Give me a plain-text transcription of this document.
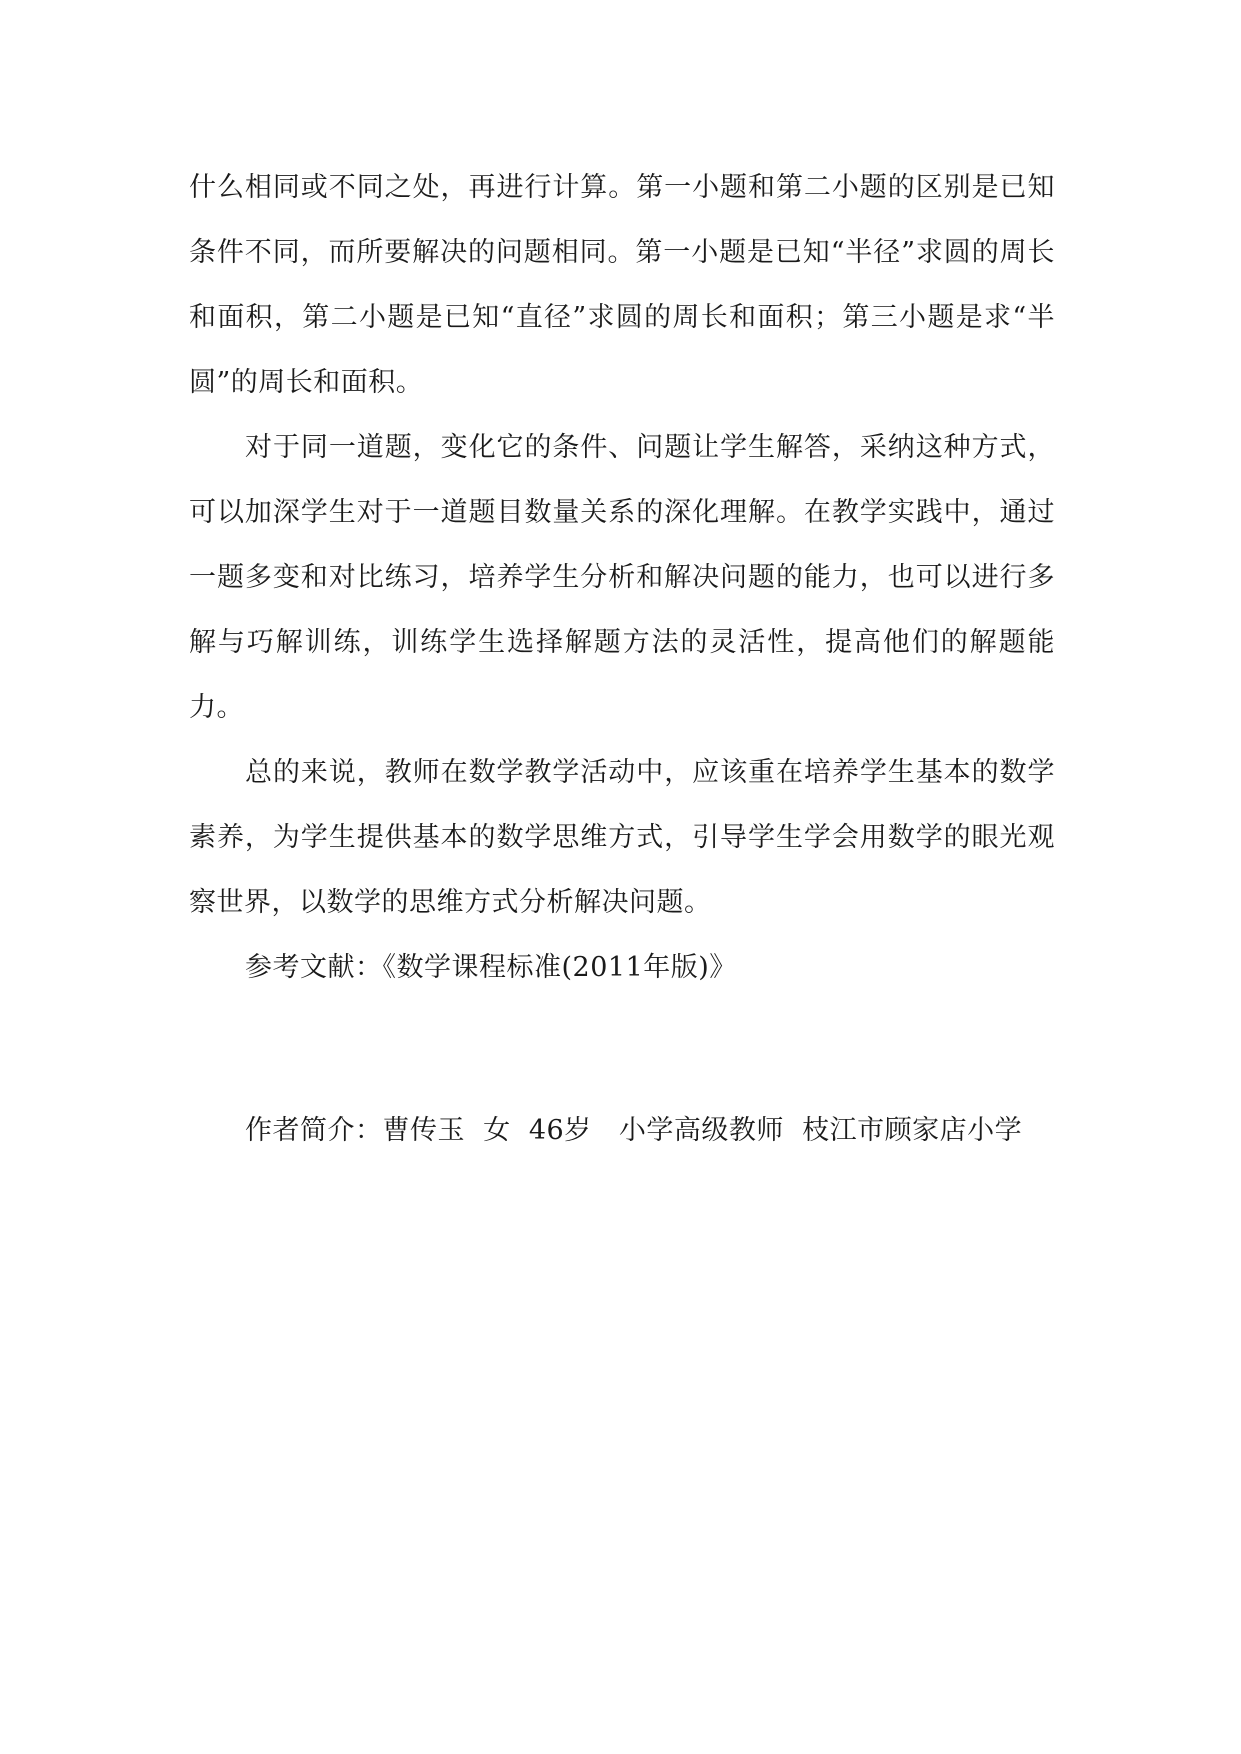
什么相同或不同之处，再进行计算。第一小题和第二小题的区别是已知条件不同，而所要解决的问题相同。第一小题是已知“半径”求圆的周长和面积，第二小题是已知“直径”求圆的周长和面积；第三小题是求“半圆”的周长和面积。

对于同一道题，变化它的条件、问题让学生解答，采纳这种方式，可以加深学生对于一道题目数量关系的深化理解。在教学实践中，通过一题多变和对比练习，培养学生分析和解决问题的能力，也可以进行多解与巧解训练，训练学生选择解题方法的灵活性，提高他们的解题能力。

总的来说，教师在数学教学活动中，应该重在培养学生基本的数学素养，为学生提供基本的数学思维方式，引导学生学会用数学的眼光观察世界，以数学的思维方式分析解决问题。

参考文献：《数学课程标准(2011年版)》

作者简介：曹传玉  女  46岁   小学高级教师  枝江市顾家店小学
